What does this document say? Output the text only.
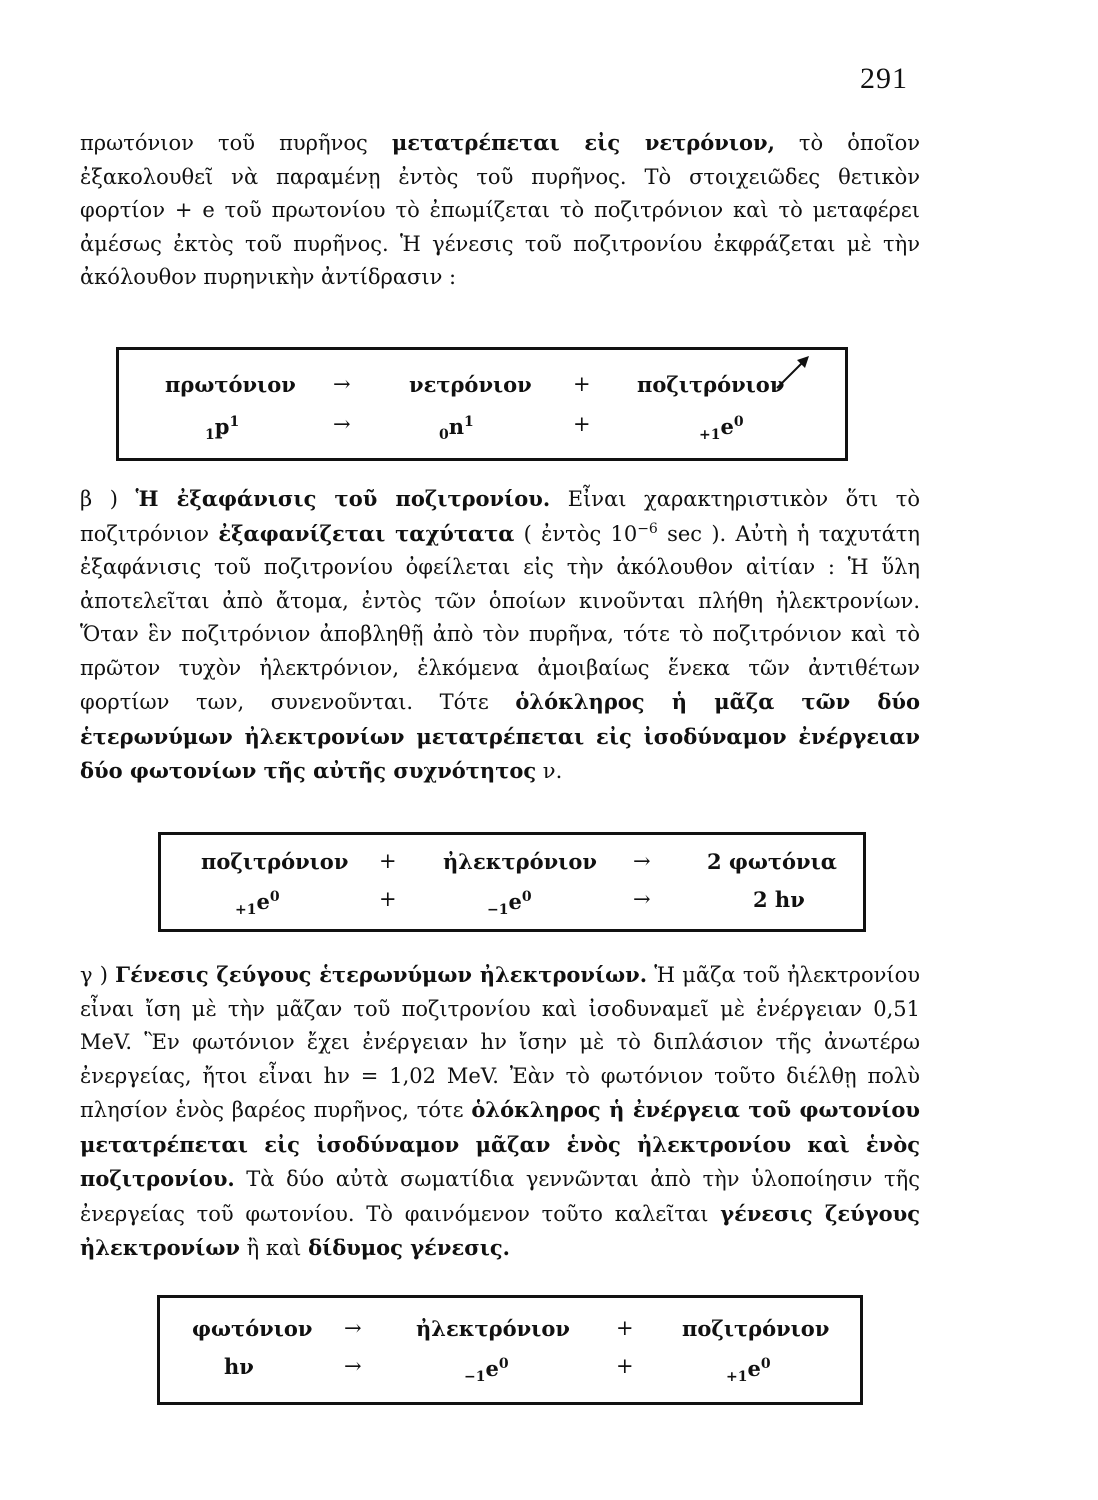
291
πρωτόνιον τοῦ πυρῆνος μετατρέπεται εἰς νετρόνιον, τὸ ὁποῖον ἐξακολουθεῖ νὰ παραμένῃ ἐντὸς τοῦ πυρῆνος. Τὸ στοιχειῶδες θετικὸν φορτίον + e τοῦ πρωτονίου τὸ ἐπωμίζεται τὸ ποζιτρόνιον καὶ τὸ μεταφέρει ἀμέσως ἐκτὸς τοῦ πυρῆνος. Ἡ γένεσις τοῦ ποζιτρονίου ἐκφράζεται μὲ τὴν ἀκόλουθον πυρηνικὴν ἀντίδρασιν :
πρωτόνιον →	νετρόνιον + ποζιτρόνιον
$_1p^1$	→	$_0n^1$	+	$_{+1}e^0$
β ) Ἡ ἐξαφάνισις τοῦ ποζιτρονίου. Εἶναι χαρακτηριστικὸν ὅτι τὸ ποζιτρόνιον ἐξαφανίζεται ταχύτατα ( ἐντὸς $10^{-6}$ sec ). Αὐτὴ ἡ ταχυτάτη ἐξαφάνισις τοῦ ποζιτρονίου ὀφείλεται εἰς τὴν ἀκόλουθον αἰτίαν : Ἡ ὕλη ἀποτελεῖται ἀπὸ ἄτομα, ἐντὸς τῶν ὁποίων κινοῦνται πλήθη ἠλεκτρονίων. Ὅταν ἓν ποζιτρόνιον ἀποβληθῇ ἀπὸ τὸν πυρῆνα, τότε τὸ ποζιτρόνιον καὶ τὸ πρῶτον τυχὸν ἠλεκτρόνιον, ἑλκόμενα ἀμοιβαίως ἕνεκα τῶν ἀντιθέτων φορτίων των, συνενοῦνται. Τότε ὁλόκληρος ἡ μᾶζα τῶν δύο ἑτερωνύμων ἠλεκτρονίων μετατρέπεται εἰς ἰσοδύναμον ἐνέργειαν δύο φωτονίων τῆς αὐτῆς συχνότητος ν.
ποζιτρόνιον + ἠλεκτρόνιον →	2 φωτόνια
$_{+1}e^0$	+	$_{-1}e^0$	→	2 hν
γ ) Γένεσις ζεύγους ἑτερωνύμων ἠλεκτρονίων. Ἡ μᾶζα τοῦ ἠλεκτρονίου εἶναι ἴση μὲ τὴν μᾶζαν τοῦ ποζιτρονίου καὶ ἰσοδυναμεῖ μὲ ἐνέργειαν 0,51 MeV. Ἓν φωτόνιον ἔχει ἐνέργειαν hν ἴσην μὲ τὸ διπλάσιον τῆς ἀνωτέρω ἐνεργείας, ἤτοι εἶναι hν = 1,02 MeV. Ἐὰν τὸ φωτόνιον τοῦτο διέλθῃ πολὺ πλησίον ἑνὸς βαρέος πυρῆνος, τότε ὁλόκληρος ἡ ἐνέργεια τοῦ φωτονίου μετατρέπεται εἰς ἰσοδύναμον μᾶζαν ἑνὸς ἠλεκτρονίου καὶ ἑνὸς ποζιτρονίου. Τὰ δύο αὐτὰ σωματίδια γεννῶνται ἀπὸ τὴν ὑλοποίησιν τῆς ἐνεργείας τοῦ φωτονίου. Τὸ φαινόμενον τοῦτο καλεῖται γένεσις ζεύγους ἠλεκτρονίων ἢ καὶ δίδυμος γένεσις.
φωτόνιον →	ἠλεκτρόνιον + ποζιτρόνιον
hν	→	$_{-1}e^0$	+	$_{+1}e^0$
